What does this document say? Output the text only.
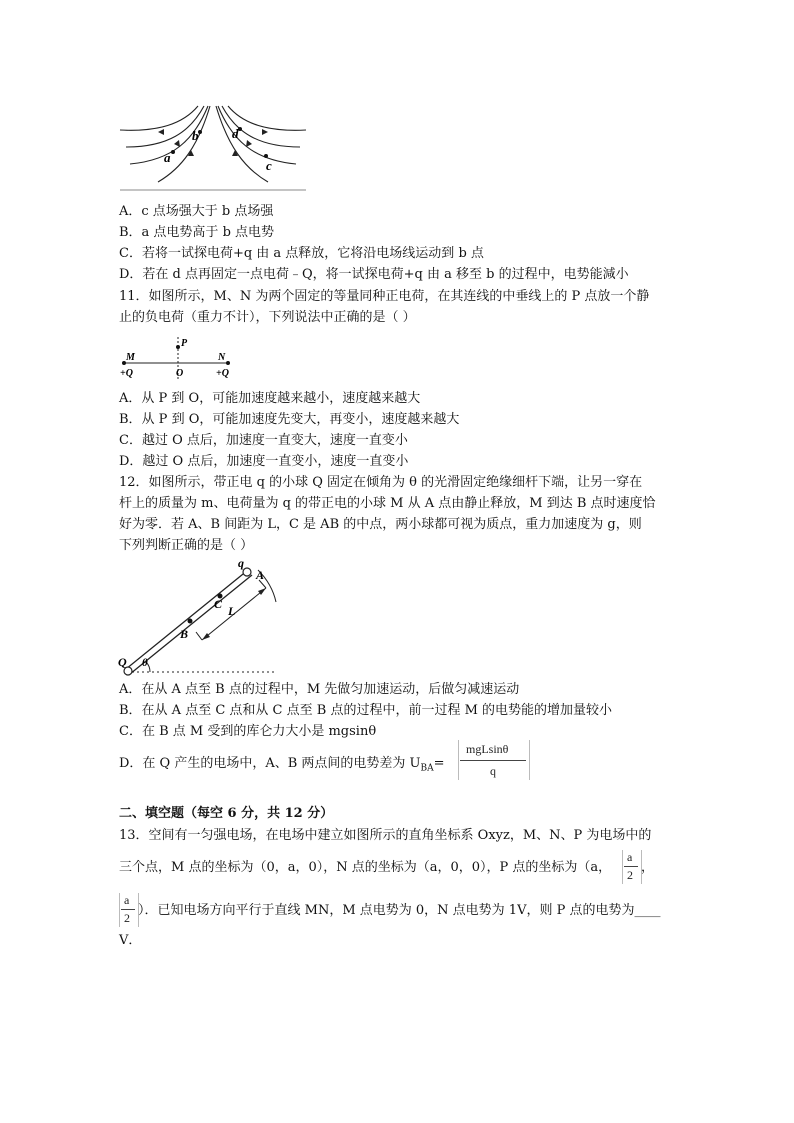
a
b	d
c
A．c 点场强大于 b 点场强
B．a 点电势高于 b 点电势
C．若将一试探电荷+q 由 a 点释放，它将沿电场线运动到 b 点
D．若在 d 点再固定一点电荷﹣Q，将一试探电荷+q 由 a 移至 b 的过程中，电势能減小
11．如图所示，M、N 为两个固定的等量同种正电荷，在其连线的中垂线上的 P 点放一个静
止的负电荷（重力不计），下列说法中正确的是（ ）
P
M
+Q	O
N
+Q
A．从 P 到 O，可能加速度越来越小，速度越来越大
B．从 P 到 O，可能加速度先变大，再变小，速度越来越大
C．越过 O 点后，加速度一直变大，速度一直变小
D．越过 O 点后，加速度一直变小，速度一直变小
12．如图所示，带正电 q 的小球 Q 固定在倾角为 θ 的光滑固定绝缘细杆下端，让另一穿在
杆上的质量为 m、电荷量为 q 的带正电的小球 M 从 A 点由静止释放，M 到达 B 点时速度恰
好为零．若 A、B 间距为 L，C 是 AB 的中点，两小球都可视为质点，重力加速度为 g，则
下列判断正确的是（ ）
q
A
C L
B
Q θ
A．在从 A 点至 B 点的过程中，M 先做匀加速运动，后做匀减速运动
B．在从 A 点至 C 点和从 C 点至 B 点的过程中，前一过程 M 的电势能的增加量较小
C．在 B 点 M 受到的库仑力大小是 mgsinθ
D．在 Q 产生的电场中，A、B 两点间的电势差为 $U_{BA}=$
mgLsinθ
q
二、填空题（每空 6 分，共 12 分）
13．空间有一匀强电场，在电场中建立如图所示的直角坐标系 Oxyz，M、N、P 为电场中的
三个点，M 点的坐标为（0，a，0），N 点的坐标为（a，0，0），P 点的坐标为（a，
a
2 ，
a
2 ）．已知电场方向平行于直线 MN，M 点电势为 0，N 点电势为 1V，则 P 点的电势为____
V．
